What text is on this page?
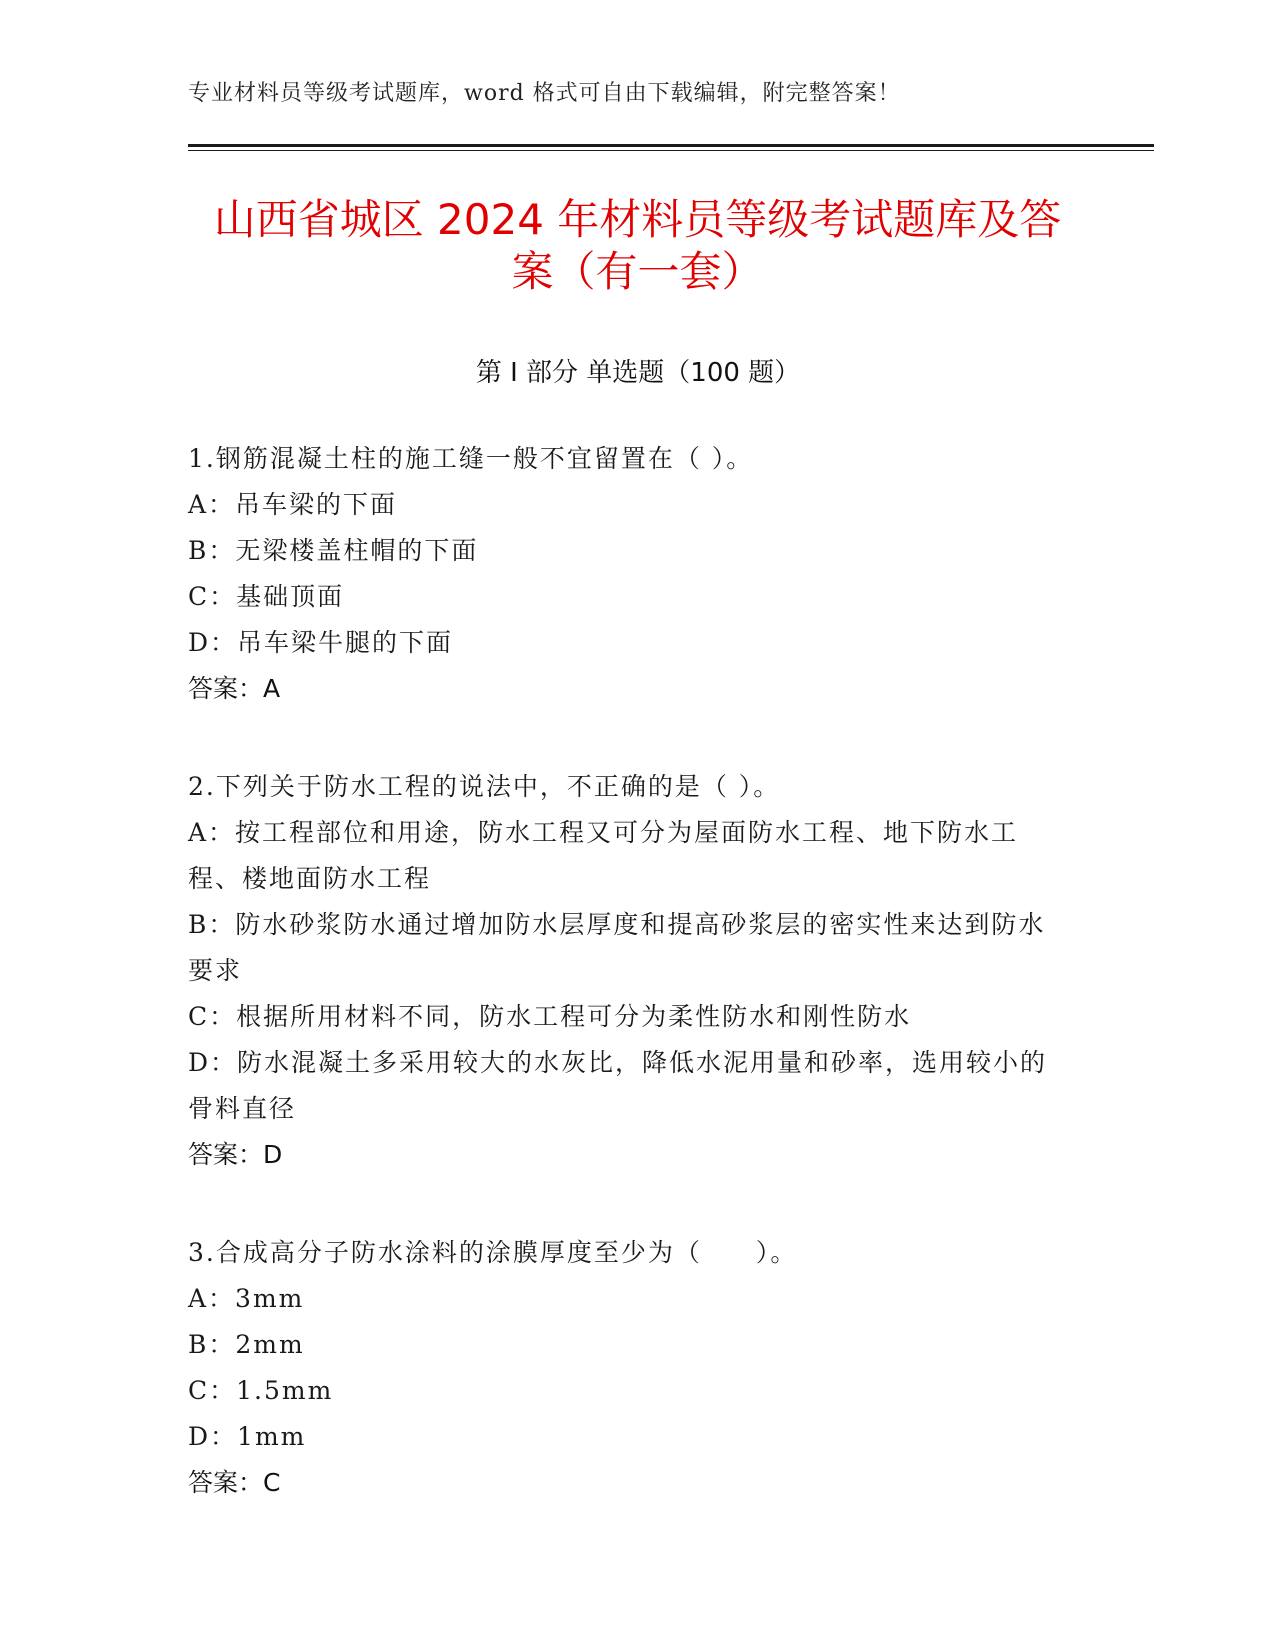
专业材料员等级考试题库，word 格式可自由下载编辑，附完整答案！
山西省城区 2024 年材料员等级考试题库及答
案（有一套）
第 I 部分 单选题（100 题）
1.钢筋混凝土柱的施工缝一般不宜留置在（ ）。
A：吊车梁的下面
B：无梁楼盖柱帽的下面
C：基础顶面
D：吊车梁牛腿的下面
答案：A
2.下列关于防水工程的说法中，不正确的是（ ）。
A：按工程部位和用途，防水工程又可分为屋面防水工程、地下防水工程、楼地面防水工程
B：防水砂浆防水通过增加防水层厚度和提高砂浆层的密实性来达到防水要求
C：根据所用材料不同，防水工程可分为柔性防水和刚性防水
D：防水混凝土多采用较大的水灰比，降低水泥用量和砂率，选用较小的骨料直径
答案：D
3.合成高分子防水涂料的涂膜厚度至少为（　　）。
A：3mm
B：2mm
C：1.5mm
D：1mm
答案：C
